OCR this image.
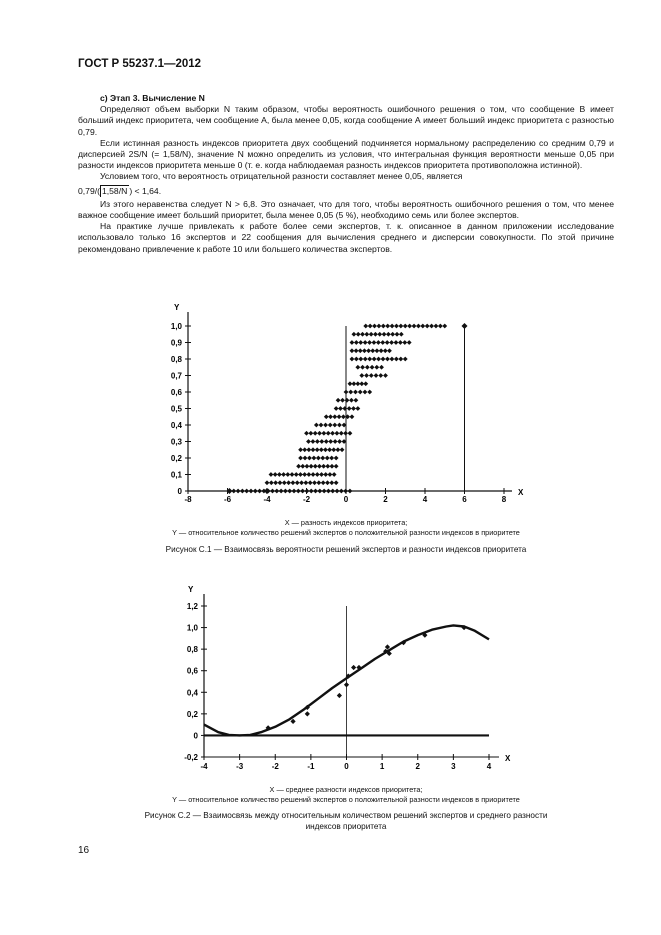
ГОСТ Р 55237.1—2012

с) Этап 3. Вычисление N

Определяют объем выборки N таким образом, чтобы вероятность ошибочного решения о том, что сообщение В имеет больший индекс приоритета, чем сообщение А, была менее 0,05, когда сообщение А имеет больший индекс приоритета с разностью 0,79.

Если истинная разность индексов приоритета двух сообщений подчиняется нормальному распределению со средним 0,79 и дисперсией 2S/N (= 1,58/N), значение N можно определить из условия, что интегральная функция вероятности меньше 0,05 при разности индексов приоритета меньше 0 (т. е. когда наблюдаемая разность индексов приоритета противоположна истинной).

Условием того, что вероятность отрицательной разности составляет менее 0,05, является

0,79/( 1,58/N ) < 1,64.

Из этого неравенства следует N > 6,8. Это означает, что для того, чтобы вероятность ошибочного решения о том, что менее важное сообщение имеет больший приоритет, была менее 0,05 (5 %), необходимо семь или более экспертов.

На практике лучше привлекать к работе более семи экспертов, т. к. описанное в данном приложении исследование использовало только 16 экспертов и 22 сообщения для вычисления среднего и дисперсии совокупности. По этой причине рекомендовано привлечение к работе 10 или большего количества экспертов.

-8	-6	-4	-2	0	2	4	6	8
0
0,1
0,2
0,3
0,4
0,5
0,6
0,7
0,8
0,9
1,0
Y
X
-4	-3	-2	-1	0	1	2	3	4
-0,2
0
0,2
0,4
0,6
0,8
1,0
1,2
Y
X
X — разность индексов приоритета;
Y — относительное количество решений экспертов о положительной разности индексов в приоритете
Рисунок С.1 — Взаимосвязь вероятности решений экспертов и разности индексов приоритета
X — среднее разности индексов приоритета;
Y — относительное количество решений экспертов о положительной разности индексов в приоритете
Рисунок С.2 — Взаимосвязь между относительным количеством решений экспертов и среднего разности
индексов приоритета
16
